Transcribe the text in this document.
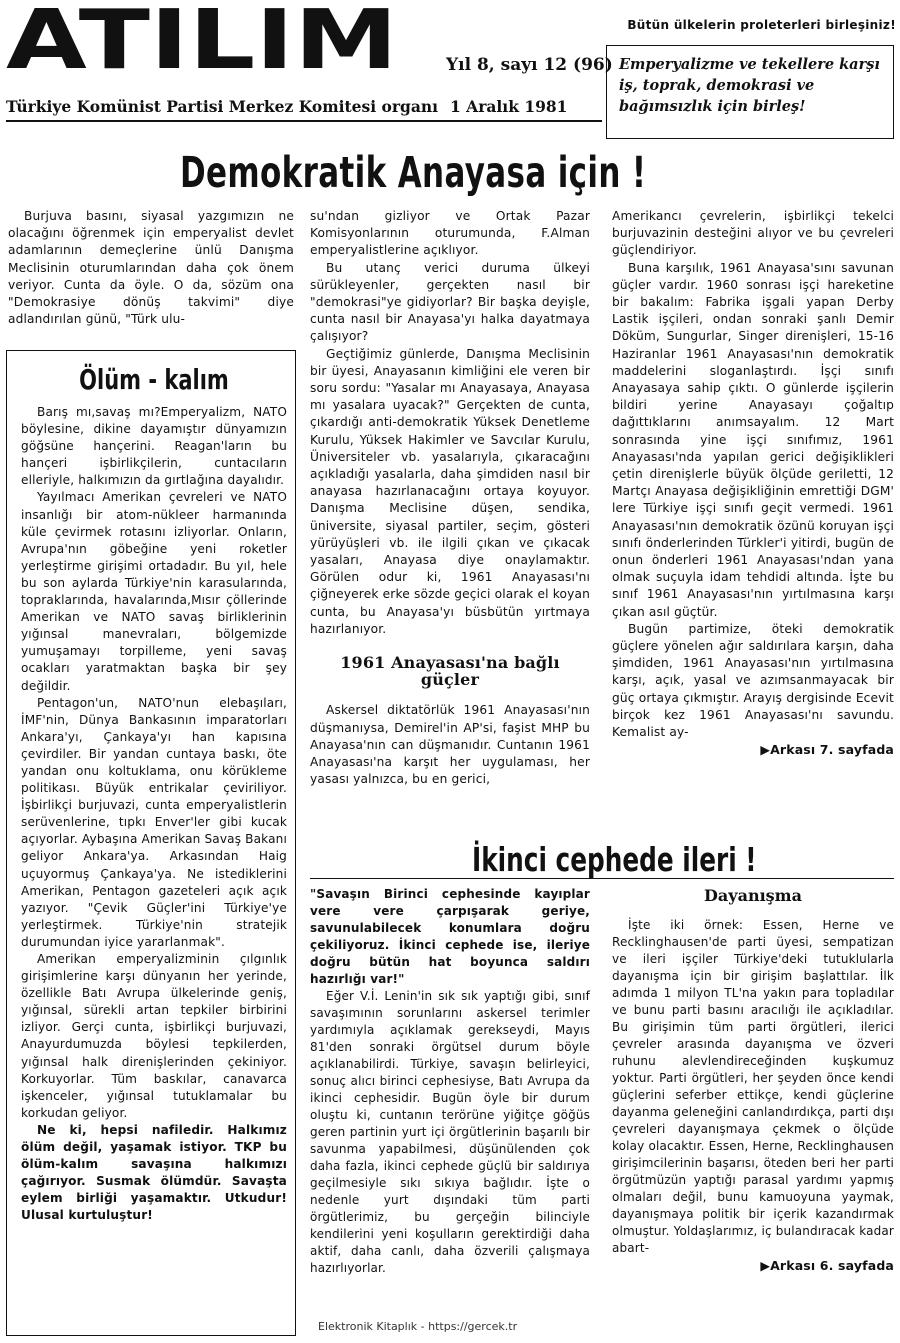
ATILIM	Bütün ülkelerin proleterleri birleşiniz!
Yıl 8, sayı 12 (96)
Türkiye Komünist Partisi Merkez Komitesi organı 1 Aralık 1981
Emperyalizme ve tekellere karşı iş, toprak, demokrasi ve bağımsızlık için birleş!
Demokratik Anayasa için !

Burjuva basını, siyasal yazgımızın ne olacağını öğrenmek için emperyalist devlet adamlarının demeçlerine ünlü Danışma Meclisinin oturumlarından daha çok önem veriyor. Cunta da öyle. O da, sözüm ona "Demokrasiye dönüş takvimi" diye adlandırılan günü, "Türk ulu-

Ölüm - kalım

Barış mı,savaş mı?Emperyalizm, NATO böylesine, dikine dayamıştır dünyamızın göğsüne hançerini. Reagan'ların bu hançeri işbirlikçilerin, cuntacıların elleriyle, halkımızın da gırtlağına dayalıdır.

Yayılmacı Amerikan çevreleri ve NATO insanlığı bir atom-nükleer harmanında küle çevirmek rotasını izliyorlar. Onların, Avrupa'nın göbeğine yeni roketler yerleştirme girişimi ortadadır. Bu yıl, hele bu son aylarda Türkiye'nin karasularında, topraklarında, havalarında,Mısır çöllerinde Amerikan ve NATO savaş birliklerinin yığınsal manevraları, bölgemizde yumuşamayı torpilleme, yeni savaş ocakları yaratmaktan başka bir şey değildir.

Pentagon'un, NATO'nun elebaşıları, İMF'nin, Dünya Bankasının imparatorları Ankara'yı, Çankaya'yı han kapısına çevirdiler. Bir yandan cuntaya baskı, öte yandan onu koltuklama, onu körükleme politikası. Büyük entrikalar çeviriliyor. İşbirlikçi burjuvazi, cunta emperyalistlerin serüvenlerine, tıpkı Enver'ler gibi kucak açıyorlar. Aybaşına Amerikan Savaş Bakanı geliyor Ankara'ya. Arkasından Haig uçuyormuş Çankaya'ya. Ne istediklerini Amerikan, Pentagon gazeteleri açık açık yazıyor. "Çevik Güçler'ini Türkiye'ye yerleştirmek. Türkiye'nin stratejik durumundan iyice yararlanmak".

Amerikan emperyalizminin çılgınlık girişimlerine karşı dünyanın her yerinde, özellikle Batı Avrupa ülkelerinde geniş, yığınsal, sürekli artan tepkiler birbirini izliyor. Gerçi cunta, işbirlikçi burjuvazi, Anayurdumuzda böylesi tepkilerden, yığınsal halk direnişlerinden çekiniyor. Korkuyorlar. Tüm baskılar, canavarca işkenceler, yığınsal tutuklamalar bu korkudan geliyor.

Ne ki, hepsi nafiledir. Halkımız ölüm değil, yaşamak istiyor. TKP bu ölüm-kalım savaşına halkımızı çağırıyor. Susmak ölümdür. Savaşta eylem birliği yaşamaktır. Utkudur! Ulusal kurtuluştur!

su'ndan gizliyor ve Ortak Pazar Komisyonlarının oturumunda, F.Alman emperyalistlerine açıklıyor.

Bu utanç verici duruma ülkeyi sürükleyenler, gerçekten nasıl bir "demokrasi"ye gidiyorlar? Bir başka deyişle, cunta nasıl bir Anayasa'yı halka dayatmaya çalışıyor?

Geçtiğimiz günlerde, Danışma Meclisinin bir üyesi, Anayasanın kimliğini ele veren bir soru sordu: "Yasalar mı Anayasaya, Anayasa mı yasalara uyacak?" Gerçekten de cunta, çıkardığı anti-demokratik Yüksek Denetleme Kurulu, Yüksek Hakimler ve Savcılar Kurulu, Üniversiteler vb. yasalarıyla, çıkaracağını açıkladığı yasalarla, daha şimdiden nasıl bir anayasa hazırlanacağını ortaya koyuyor. Danışma Meclisine düşen, sendika, üniversite, siyasal partiler, seçim, gösteri yürüyüşleri vb. ile ilgili çıkan ve çıkacak yasaları, Anayasa diye onaylamaktır. Görülen odur ki, 1961 Anayasası'nı çiğneyerek erke sözde geçici olarak el koyan cunta, bu Anayasa'yı büsbütün yırtmaya hazırlanıyor.

1961 Anayasası'na bağlı güçler

Askersel diktatörlük 1961 Anayasası'nın düşmanıysa, Demirel'in AP'si, faşist MHP bu Anayasa'nın can düşmanıdır. Cuntanın 1961 Anayasası'na karşıt her uygulaması, her yasası yalnızca, bu en gerici,

Amerikancı çevrelerin, işbirlikçi tekelci burjuvazinin desteğini alıyor ve bu çevreleri güçlendiriyor.

Buna karşılık, 1961 Anayasa'sını savunan güçler vardır. 1960 sonrası işçi hareketine bir bakalım: Fabrika işgali yapan Derby Lastik işçileri, ondan sonraki şanlı Demir Döküm, Sungurlar, Singer direnişleri, 15-16 Haziranlar 1961 Anayasası'nın demokratik maddelerini sloganlaştırdı. İşçi sınıfı Anayasaya sahip çıktı. O günlerde işçilerin bildiri yerine Anayasayı çoğaltıp dağıttıklarını anımsayalım. 12 Mart sonrasında yine işçi sınıfımız, 1961 Anayasası'nda yapılan gerici değişiklikleri çetin direnişlerle büyük ölçüde geriletti, 12 Martçı Anayasa değişikliğinin emrettiği DGM' lere Türkiye işçi sınıfı geçit vermedi. 1961 Anayasası'nın demokratik özünü koruyan işçi sınıfı önderlerinden Türkler'i yitirdi, bugün de onun önderleri 1961 Anayasası'ndan yana olmak suçuyla idam tehdidi altında. İşte bu sınıf 1961 Anayasası'nın yırtılmasına karşı çıkan asıl güçtür.

Bugün partimize, öteki demokratik güçlere yönelen ağır saldırılara karşın, daha şimdiden, 1961 Anayasası'nın yırtılmasına karşı, açık, yasal ve azımsanmayacak bir güç ortaya çıkmıştır. Arayış dergisinde Ecevit birçok kez 1961 Anayasası'nı savundu. Kemalist ay-

▶Arkası 7. sayfada
İkinci cephede ileri !

"Savaşın Birinci cephesinde kayıplar vere vere çarpışarak geriye, savunulabilecek konumlara doğru çekiliyoruz. İkinci cephede ise, ileriye doğru bütün hat boyunca saldırı hazırlığı var!"

Eğer V.İ. Lenin'in sık sık yaptığı gibi, sınıf savaşımının sorunlarını askersel terimler yardımıyla açıklamak gerekseydi, Mayıs 81'den sonraki örgütsel durum böyle açıklanabilirdi. Türkiye, savaşın belirleyici, sonuç alıcı birinci cephesiyse, Batı Avrupa da ikinci cephesidir. Bugün öyle bir durum oluştu ki, cuntanın terörüne yiğitçe göğüs geren partinin yurt içi örgütlerinin başarılı bir savunma yapabilmesi, düşünülenden çok daha fazla, ikinci cephede güçlü bir saldırıya geçilmesiyle sıkı sıkıya bağlıdır. İşte o nedenle yurt dışındaki tüm parti örgütlerimiz, bu gerçeğin bilinciyle kendilerini yeni koşulların gerektirdiği daha aktif, daha canlı, daha özverili çalışmaya hazırlıyorlar.

Dayanışma

İşte iki örnek: Essen, Herne ve Recklinghausen'de parti üyesi, sempatizan ve ileri işçiler Türkiye'deki tutuklularla dayanışma için bir girişim başlattılar. İlk adımda 1 milyon TL'na yakın para topladılar ve bunu parti basını aracılığı ile açıkladılar. Bu girişimin tüm parti örgütleri, ilerici çevreler arasında dayanışma ve özveri ruhunu alevlendireceğinden kuşkumuz yoktur. Parti örgütleri, her şeyden önce kendi güçlerini seferber ettikçe, kendi güçlerine dayanma geleneğini canlandırdıkça, parti dışı çevreleri dayanışmaya çekmek o ölçüde kolay olacaktır. Essen, Herne, Recklinghausen girişimcilerinin başarısı, öteden beri her parti örgütmüzün yaptığı parasal yardımı yapmış olmaları değil, bunu kamuoyuna yaymak, dayanışmaya politik bir içerik kazandırmak olmuştur. Yoldaşlarımız, iç bulandıracak kadar abart-

▶Arkası 6. sayfada
Elektronik Kitaplık - https://gercek.tr
